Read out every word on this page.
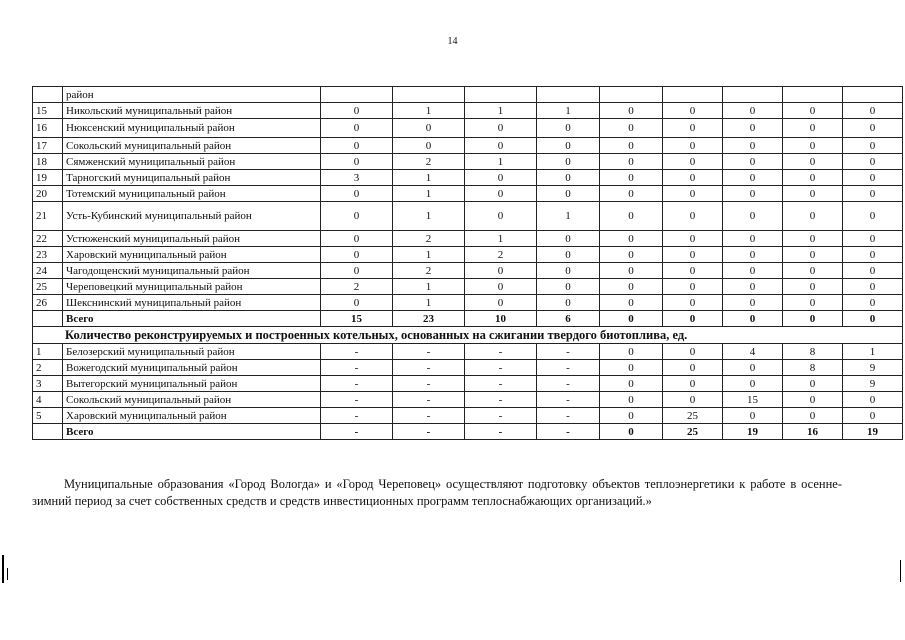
14
	район									
15	Никольский муниципальный район	0	1	1	1	0	0	0	0	0
16	Нюксенский муниципальный район	0	0	0	0	0	0	0	0	0
17	Сокольский муниципальный район	0	0	0	0	0	0	0	0	0
18	Сямженский муниципальный район	0	2	1	0	0	0	0	0	0
19	Тарногский муниципальный район	3	1	0	0	0	0	0	0	0
20	Тотемский муниципальный район	0	1	0	0	0	0	0	0	0
21	Усть-Кубинский муниципальный район	0	1	0	1	0	0	0	0	0
22	Устюженский муниципальный район	0	2	1	0	0	0	0	0	0
23	Харовский муниципальный район	0	1	2	0	0	0	0	0	0
24	Чагодощенский муниципальный район	0	2	0	0	0	0	0	0	0
25	Череповецкий муниципальный район	2	1	0	0	0	0	0	0	0
26	Шекснинский муниципальный район	0	1	0	0	0	0	0	0	0
	Всего	15	23	10	6	0	0	0	0	0
Количество реконструируемых и построенных котельных, основанных на сжигании твердого биотоплива, ед.										
1	Белозерский муниципальный район	-	-	-	-	0	0	4	8	1
2	Вожегодский муниципальный район	-	-	-	-	0	0	0	8	9
3	Вытегорский муниципальный район	-	-	-	-	0	0	0	0	9
4	Сокольский муниципальный район	-	-	-	-	0	0	15	0	0
5	Харовский муниципальный район	-	-	-	-	0	25	0	0	0
	Всего	-	-	-	-	0	25	19	16	19
Муниципальные образования «Город Вологда» и «Город Череповец» осуществляют подготовку объектов теплоэнергетики к работе в осенне-зимний период за счет собственных средств и средств инвестиционных программ теплоснабжающих организаций.»
